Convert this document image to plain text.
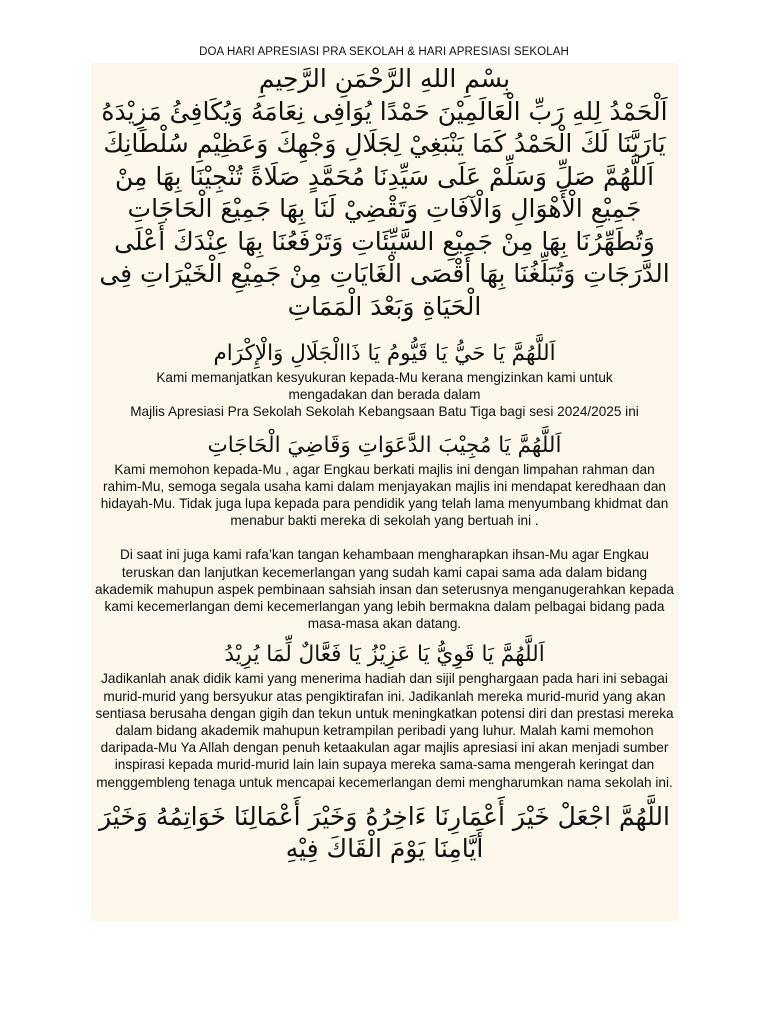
DOA HARI APRESIASI PRA SEKOLAH & HARI APRESIASI SEKOLAH

بِسْمِ اللهِ الرَّحْمَنِ الرَّحِيمِ

اَلْحَمْدُ لِلهِ رَبِّ الْعَالَمِيْنَ حَمْدًا يُوَافِى نِعَامَهُ وَيُكَافِئُ مَزِيْدَهُ يَارَبَّنَا لَكَ الْحَمْدُ كَمَا يَنْبَغِيْ لِجَلَالِ وَجْهِكَ وَعَظِيْمِ سُلْطَانِكَ

اَللَّهُمَّ صَلِّ وَسَلِّمْ عَلَى سَيِّدِنَا مُحَمَّدٍ صَلَاةً تُنْجِيْنَا بِهَا مِنْ جَمِيْعِ الْأَهْوَالِ وَالْآفَاتِ وَتَقْضِيْ لَنَا بِهَا جَمِيْعَ الْحَاجَاتِ وَتُطَهِّرُنَا بِهَا مِنْ جَمِيْعِ السَّيِّئَاتِ وَتَرْفَعُنَا بِهَا عِنْدَكَ أَعْلَى الدَّرَجَاتِ وَتُبَلِّغُنَا بِهَا أَقْصَى الْغَايَاتِ مِنْ جَمِيْعِ الْخَيْرَاتِ فِى الْحَيَاةِ وَبَعْدَ الْمَمَاتِ

اَللَّهُمَّ يَا حَيُّ يَا قَيُّومُ يَا ذَاالْجَلَالِ وَالْإِكْرَام

Kami memanjatkan kesyukuran kepada-Mu kerana mengizinkan kami untuk mengadakan dan berada dalam

Majlis Apresiasi Pra Sekolah Sekolah Kebangsaan Batu Tiga bagi sesi 2024/2025 ini

اَللَّهُمَّ يَا مُجِيْبَ الدَّعَوَاتِ وَقَاضِيَ الْحَاجَاتِ

Kami memohon kepada-Mu , agar Engkau berkati majlis ini dengan limpahan rahman dan rahim-Mu, semoga segala usaha kami dalam menjayakan majlis ini mendapat keredhaan dan hidayah-Mu. Tidak juga lupa kepada para pendidik yang telah lama menyumbang khidmat dan menabur bakti mereka di sekolah yang bertuah ini .

Di saat ini juga kami rafa’kan tangan kehambaan mengharapkan ihsan-Mu agar Engkau teruskan dan lanjutkan kecemerlangan yang sudah kami capai sama ada dalam bidang akademik mahupun aspek pembinaan sahsiah insan dan seterusnya menganugerahkan kepada kami kecemerlangan demi kecemerlangan yang lebih bermakna dalam pelbagai bidang pada masa-masa akan datang.

اَللَّهُمَّ يَا قَوِيُّ يَا عَزِيْزُ يَا فَعَّالٌ لِّمَا يُرِيْدُ

Jadikanlah anak didik kami yang menerima hadiah dan sijil penghargaan pada hari ini sebagai murid-murid yang bersyukur atas pengiktirafan ini. Jadikanlah mereka murid-murid yang akan sentiasa berusaha dengan gigih dan tekun untuk meningkatkan potensi diri dan prestasi mereka dalam bidang akademik mahupun ketrampilan peribadi yang luhur. Malah kami memohon daripada-Mu Ya Allah dengan penuh ketaakulan agar majlis apresiasi ini akan menjadi sumber inspirasi kepada murid-murid lain lain supaya mereka sama-sama mengerah keringat dan menggembleng tenaga untuk mencapai kecemerlangan demi mengharumkan nama sekolah ini.

اللَّهُمَّ اجْعَلْ خَيْرَ أَعْمَارِنَا ءَاخِرُهُ وَخَيْرَ أَعْمَالِنَا خَوَاتِمُهُ وَخَيْرَ أَيَّامِنَا يَوْمَ الْقَاكَ فِيْهِ
